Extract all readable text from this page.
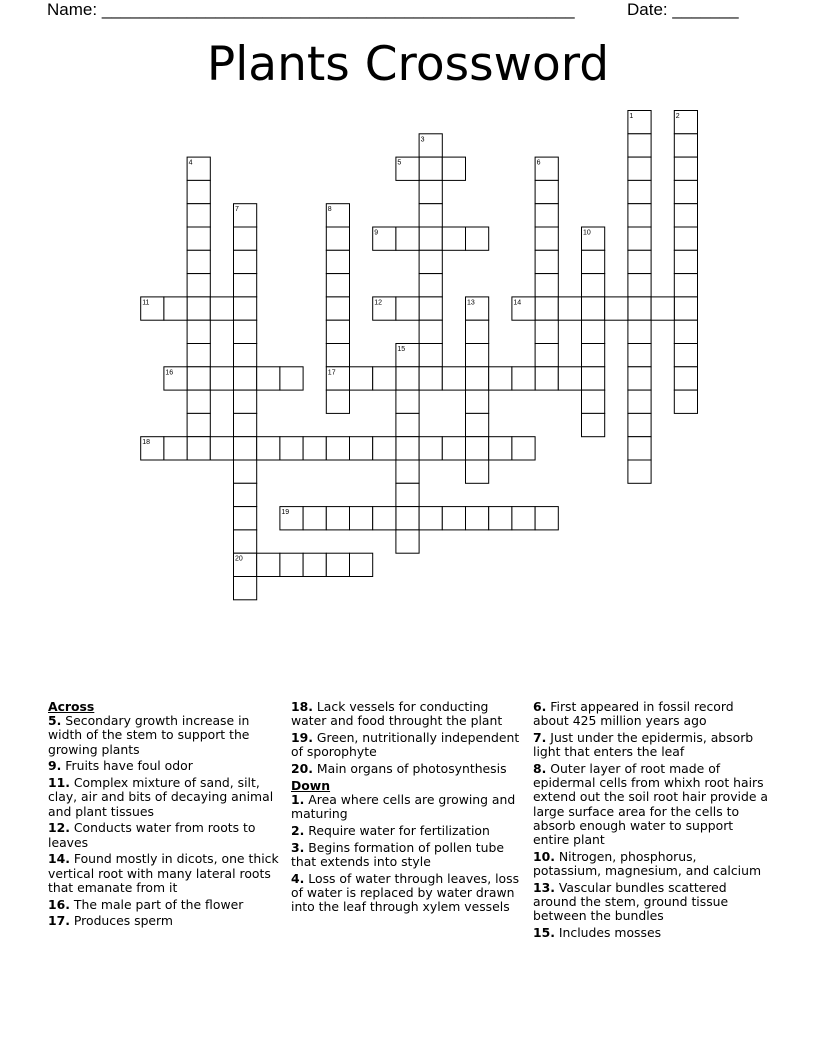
Name: __________________________________________________	Date: _______
Plants Crossword
1	2
3
4	5	6
7	8
9	10
11	12	13	14
15
16	17
18
19
20
Across
5. Secondary growth increase in width of the stem to support the growing plants
9. Fruits have foul odor
11. Complex mixture of sand, silt, clay, air and bits of decaying animal and plant tissues
12. Conducts water from roots to leaves
14. Found mostly in dicots, one thick vertical root with many lateral roots that emanate from it
16. The male part of the flower
17. Produces sperm
18. Lack vessels for conducting water and food throught the plant
19. Green, nutritionally independent of sporophyte
20. Main organs of photosynthesis
Down
1. Area where cells are growing and maturing
2. Require water for fertilization
3. Begins formation of pollen tube that extends into style
4. Loss of water through leaves, loss of water is replaced by water drawn into the leaf through xylem vessels
6. First appeared in fossil record about 425 million years ago
7. Just under the epidermis, absorb light that enters the leaf
8. Outer layer of root made of epidermal cells from whixh root hairs extend out the soil root hair provide a large surface area for the cells to absorb enough water to support entire plant
10. Nitrogen, phosphorus, potassium, magnesium, and calcium
13. Vascular bundles scattered around the stem, ground tissue between the bundles
15. Includes mosses
